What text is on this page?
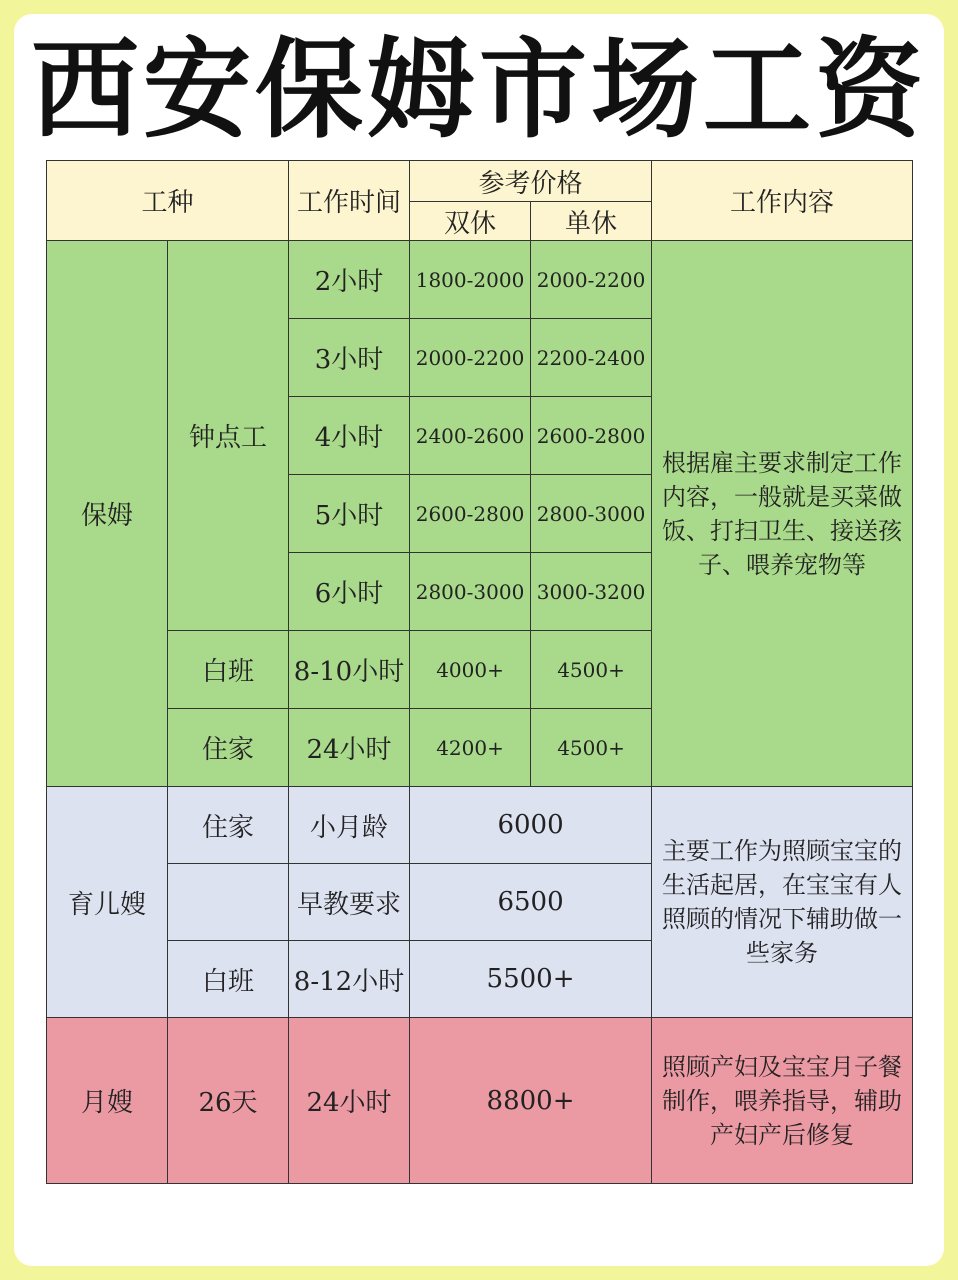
西安保姆市场工资
工种		工作时间	参考价格		工作内容
			双休	单休	
保姆	钟点工	2小时	1800-2000	2000-2200	根据雇主要求制定工作内容，一般就是买菜做饭、打扫卫生、接送孩子、喂养宠物等
		3小时	2000-2200	2200-2400	
		4小时	2400-2600	2600-2800	
		5小时	2600-2800	2800-3000	
		6小时	2800-3000	3000-3200	
	白班	8-10小时	4000+	4500+	
	住家	24小时	4200+	4500+	
育儿嫂	住家	小月龄	6000		主要工作为照顾宝宝的生活起居，在宝宝有人照顾的情况下辅助做一些家务
		早教要求	6500		
	白班	8-12小时	5500+		
月嫂	26天	24小时	8800+		照顾产妇及宝宝月子餐制作，喂养指导，辅助产妇产后修复
